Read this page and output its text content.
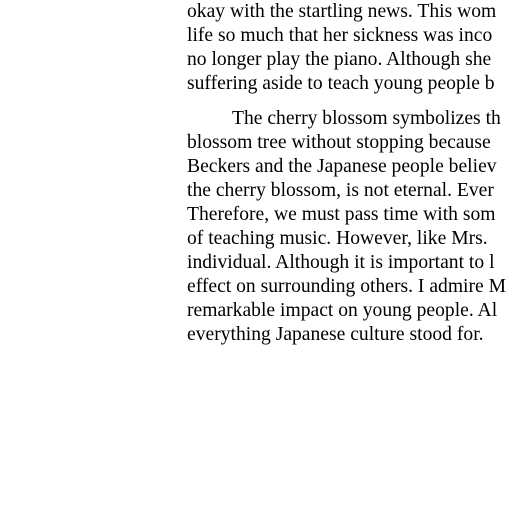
okay with the startling news. This wom
life so much that her sickness was inco
no longer play the piano. Although she
suffering aside to teach young people b
The cherry blossom symbolizes th
blossom tree without stopping because
Beckers and the Japanese people believ
the cherry blossom, is not eternal. Ever
Therefore, we must pass time with som
of teaching music. However, like Mrs.
individual. Although it is important to l
effect on surrounding others. I admire M
remarkable impact on young people. Al
everything Japanese culture stood for.
